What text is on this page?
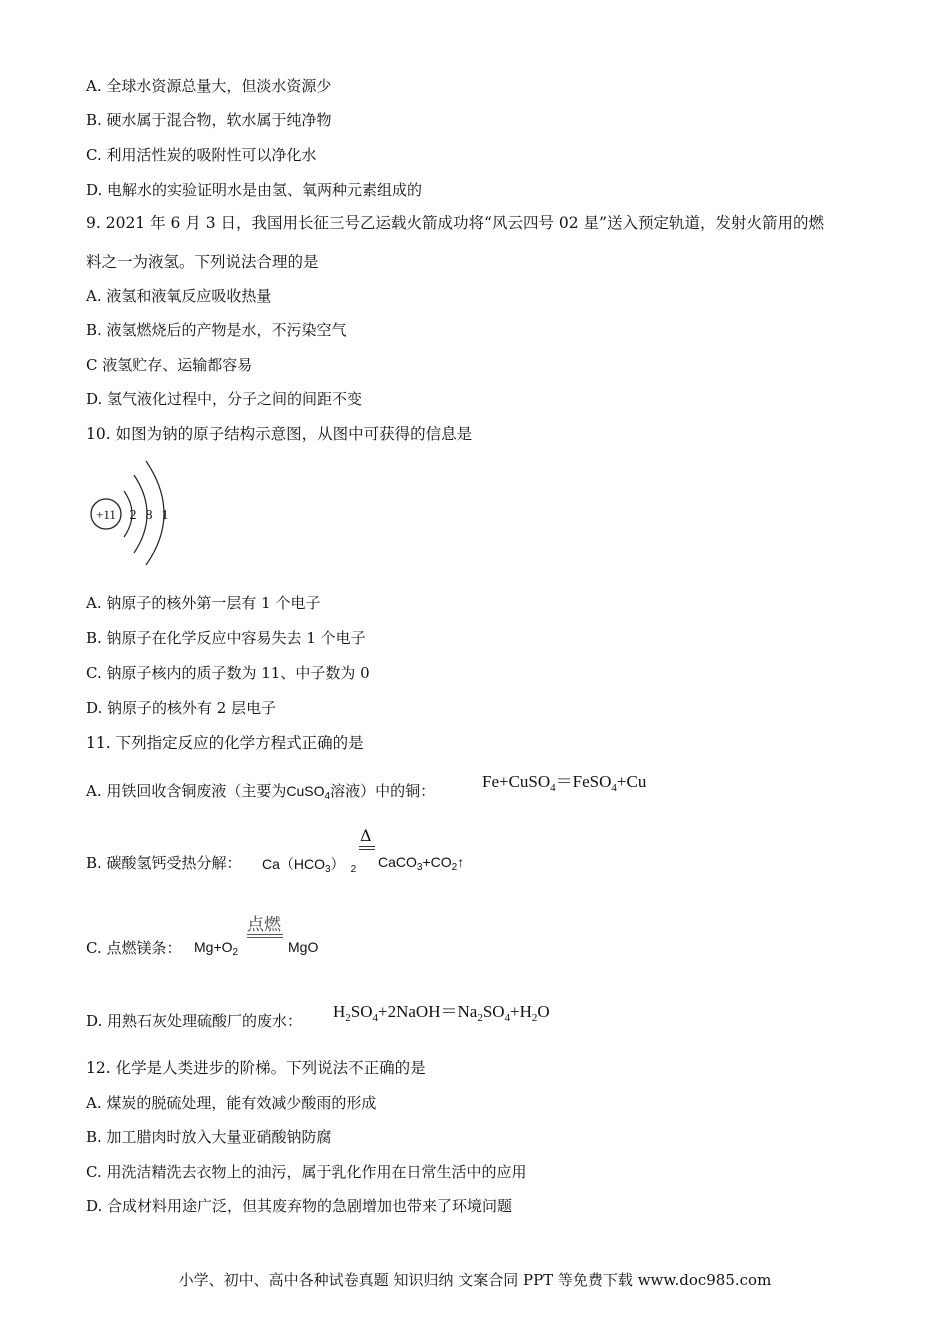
A. 全球水资源总量大，但淡水资源少
B. 硬水属于混合物，软水属于纯净物
C. 利用活性炭的吸附性可以净化水
D. 电解水的实验证明水是由氢、氧两种元素组成的
9. 2021 年 6 月 3 日，我国用长征三号乙运载火箭成功将“风云四号 02 星”送入预定轨道，发射火箭用的燃
料之一为液氢。下列说法合理的是
A. 液氢和液氧反应吸收热量
B. 液氢燃烧后的产物是水，不污染空气
C 液氢贮存、运输都容易
D. 氢气液化过程中，分子之间的间距不变
10. 如图为钠的原子结构示意图，从图中可获得的信息是
+11 2 8 1
A. 钠原子的核外第一层有 1 个电子
B. 钠原子在化学反应中容易失去 1 个电子
C. 钠原子核内的质子数为 11、中子数为 0
D. 钠原子的核外有 2 层电子
11. 下列指定反应的化学方程式正确的是
A. 用铁回收含铜废液（主要为CuSO$_4$溶液）中的铜：	Fe+CuSO$_4$＝FeSO$_4$+Cu
B. 碳酸氢钙受热分解： $Ca(HCO_3)$ $_2$
Δ
$CaCO_3+CO_2↑$
C. 点燃镁条： $Mg+O_2$
点燃
MgO
D. 用熟石灰处理硫酸厂的废水： $H_2SO_4+2NaOH=Na_2SO_4+H_2O$
12. 化学是人类进步的阶梯。下列说法不正确的是
A. 煤炭的脱硫处理，能有效减少酸雨的形成
B. 加工腊肉时放入大量亚硝酸钠防腐
C. 用洗洁精洗去衣物上的油污，属于乳化作用在日常生活中的应用
D. 合成材料用途广泛，但其废弃物的急剧增加也带来了环境问题
小学、初中、高中各种试卷真题 知识归纳 文案合同 PPT 等免费下载 www.doc985.com
